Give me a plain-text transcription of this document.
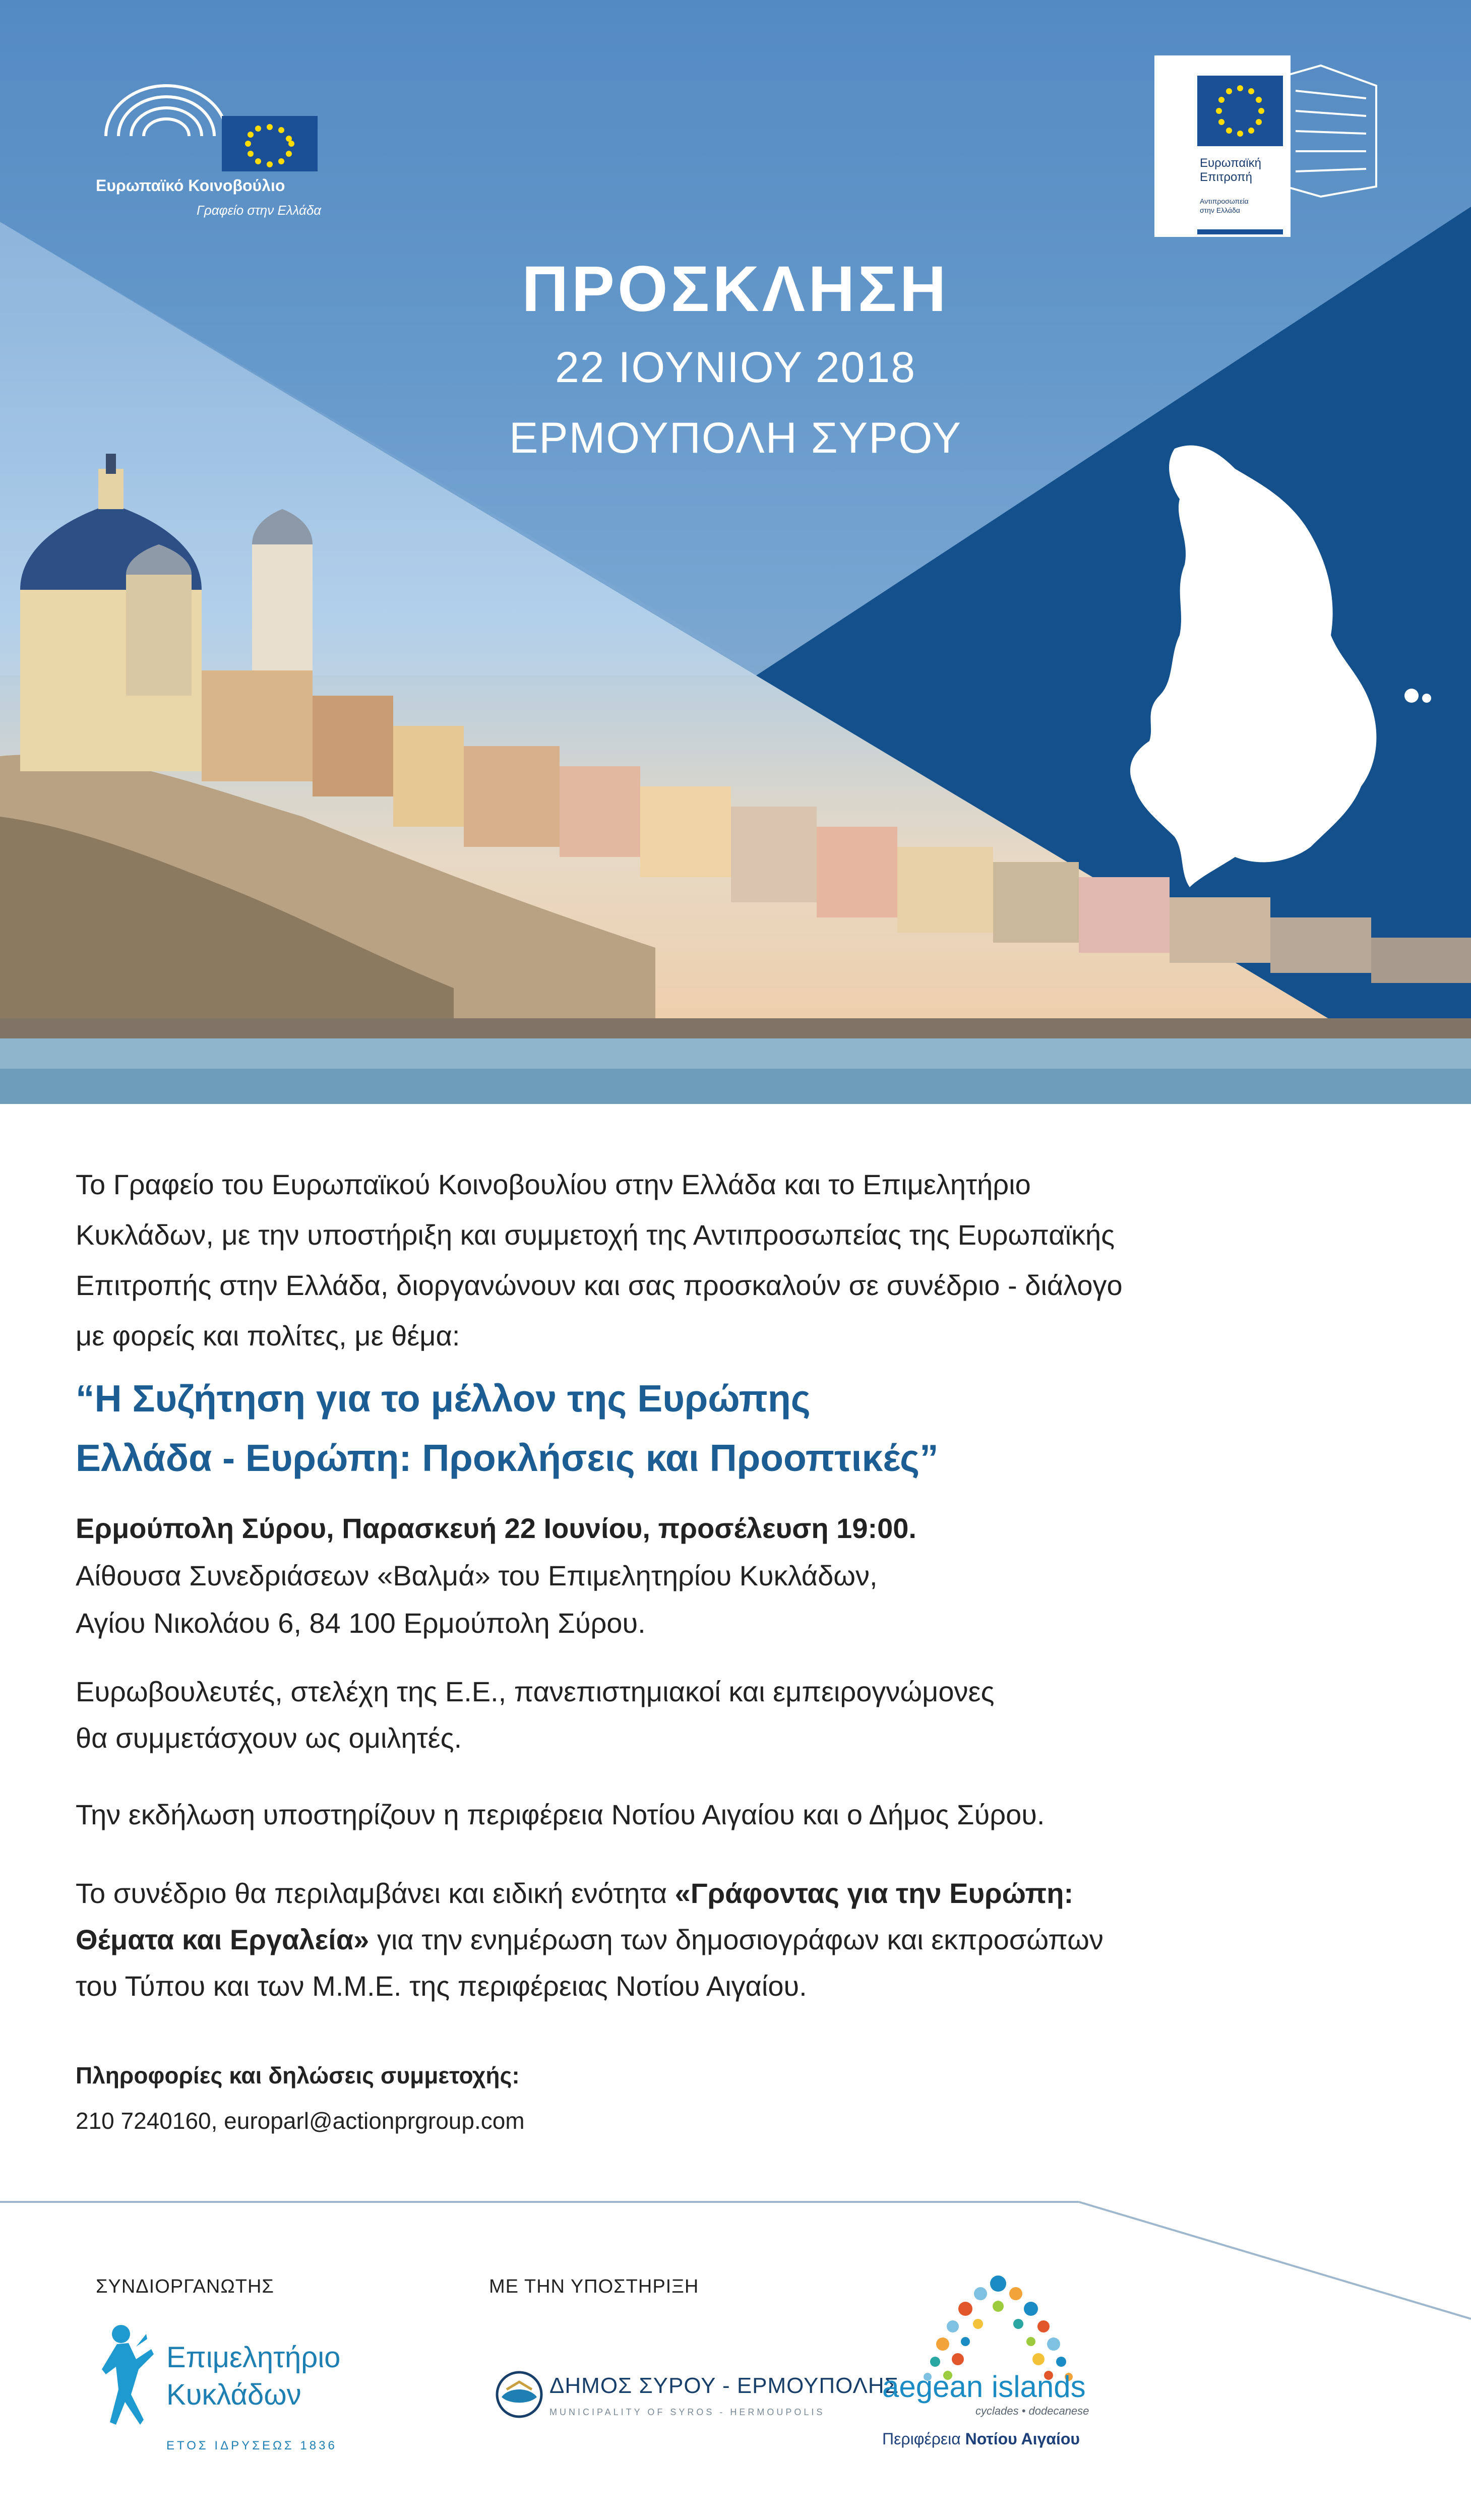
Ευρωπαϊκό Κοινοβούλιο
Γραφείο στην Ελλάδα
Ευρωπαϊκή
Επιτροπή
Αντιπροσωπεία
στην Ελλάδα
ΠΡΟΣΚΛΗΣΗ
22 ΙΟΥΝΙΟΥ 2018
ΕΡΜΟΥΠΟΛΗ ΣΥΡΟΥ
Το Γραφείο του Ευρωπαϊκού Κοινοβουλίου στην Ελλάδα και το Επιμελητήριο
Κυκλάδων, με την υποστήριξη και συμμετοχή της Αντιπροσωπείας της Ευρωπαϊκής
Επιτροπής στην Ελλάδα, διοργανώνουν και σας προσκαλούν σε συνέδριο - διάλογο
με φορείς και πολίτες, με θέμα:
“Η Συζήτηση για το μέλλον της Ευρώπης
Ελλάδα - Ευρώπη: Προκλήσεις και Προοπτικές”
Ερμούπολη Σύρου, Παρασκευή 22 Ιουνίου, προσέλευση 19:00.
Αίθουσα Συνεδριάσεων «Βαλμά» του Επιμελητηρίου Κυκλάδων,
Αγίου Νικολάου 6, 84 100 Ερμούπολη Σύρου.
Ευρωβουλευτές, στελέχη της Ε.Ε., πανεπιστημιακοί και εμπειρογνώμονες
θα συμμετάσχουν ως ομιλητές.
Την εκδήλωση υποστηρίζουν η περιφέρεια Νοτίου Αιγαίου και ο Δήμος Σύρου.
Το συνέδριο θα περιλαμβάνει και ειδική ενότητα «Γράφοντας για την Ευρώπη:
Θέματα και Εργαλεία» για την ενημέρωση των δημοσιογράφων και εκπροσώπων
του Τύπου και των Μ.Μ.Ε. της περιφέρειας Νοτίου Αιγαίου.
Πληροφορίες και δηλώσεις συμμετοχής:
210 7240160, europarl@actionprgroup.com
ΣΥΝΔΙΟΡΓΑΝΩΤΗΣ	ΜΕ ΤΗΝ ΥΠΟΣΤΗΡΙΞΗ
Επιμελητήριο
Κυκλάδων
ΕΤΟΣ ΙΔΡΥΣΕΩΣ 1836
ΔΗΜΟΣ ΣΥΡΟΥ - ΕΡΜΟΥΠΟΛΗΣ
MUNICIPALITY OF SYROS - HERMOUPOLIS
aegean islands
cyclades • dodecanese
Περιφέρεια Νοτίου Αιγαίου
